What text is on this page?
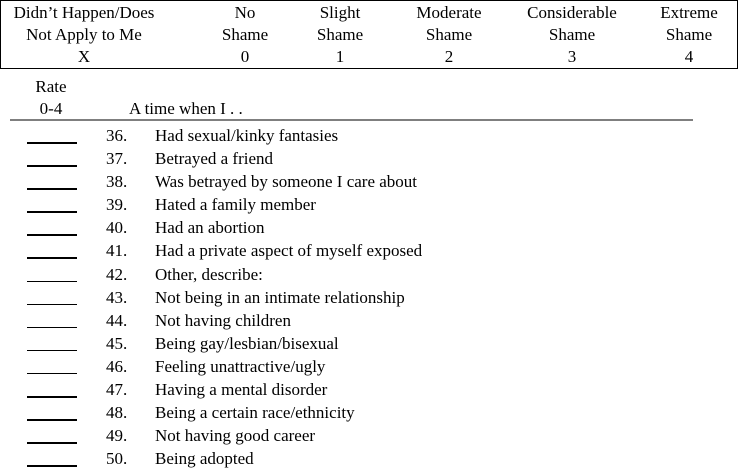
Didn’t Happen/Does
Not Apply to Me
X
No
Shame
0
Slight
Shame
1
Moderate
Shame
2
Considerable
Shame
3
Extreme
Shame
4
Rate
0-4	A time when I . .
36. Had sexual/kinky fantasies
37. Betrayed a friend
38. Was betrayed by someone I care about
39. Hated a family member
40. Had an abortion
41. Had a private aspect of myself exposed
42. Other, describe:
43. Not being in an intimate relationship
44. Not having children
45. Being gay/lesbian/bisexual
46. Feeling unattractive/ugly
47. Having a mental disorder
48. Being a certain race/ethnicity
49. Not having good career
50. Being adopted
